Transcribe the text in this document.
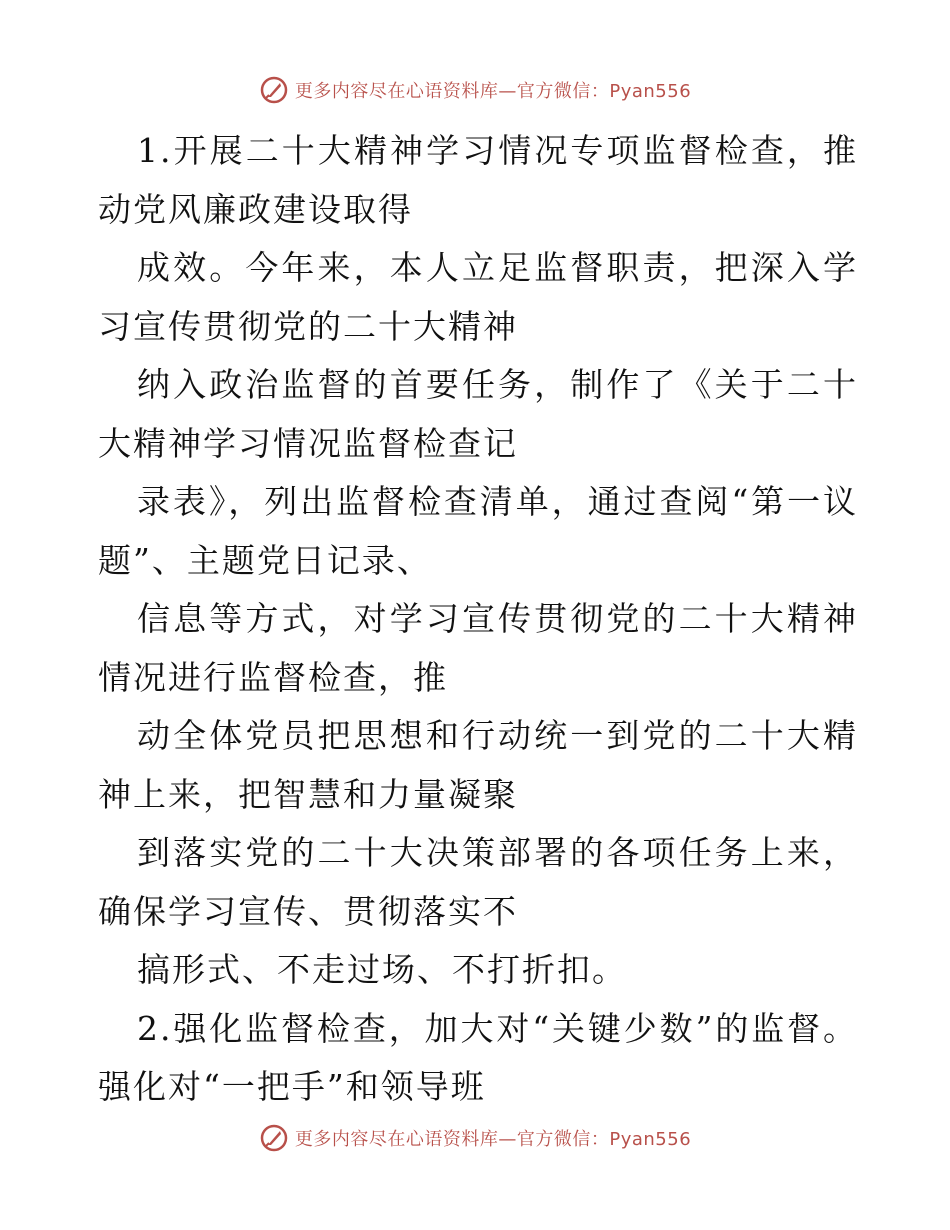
更多内容尽在心语资料库—官方微信：Pyan556

1.开展二十大精神学习情况专项监督检查，推动党风廉政建设取得

成效。今年来，本人立足监督职责，把深入学习宣传贯彻党的二十大精神

纳入政治监督的首要任务，制作了《关于二十大精神学习情况监督检查记

录表》，列出监督检查清单，通过查阅“第一议题”、主题党日记录、

信息等方式，对学习宣传贯彻党的二十大精神情况进行监督检查，推

动全体党员把思想和行动统一到党的二十大精神上来，把智慧和力量凝聚

到落实党的二十大决策部署的各项任务上来，确保学习宣传、贯彻落实不

搞形式、不走过场、不打折扣。

2.强化监督检查，加大对“关键少数”的监督。强化对“一把手”和领导班

更多内容尽在心语资料库—官方微信：Pyan556
